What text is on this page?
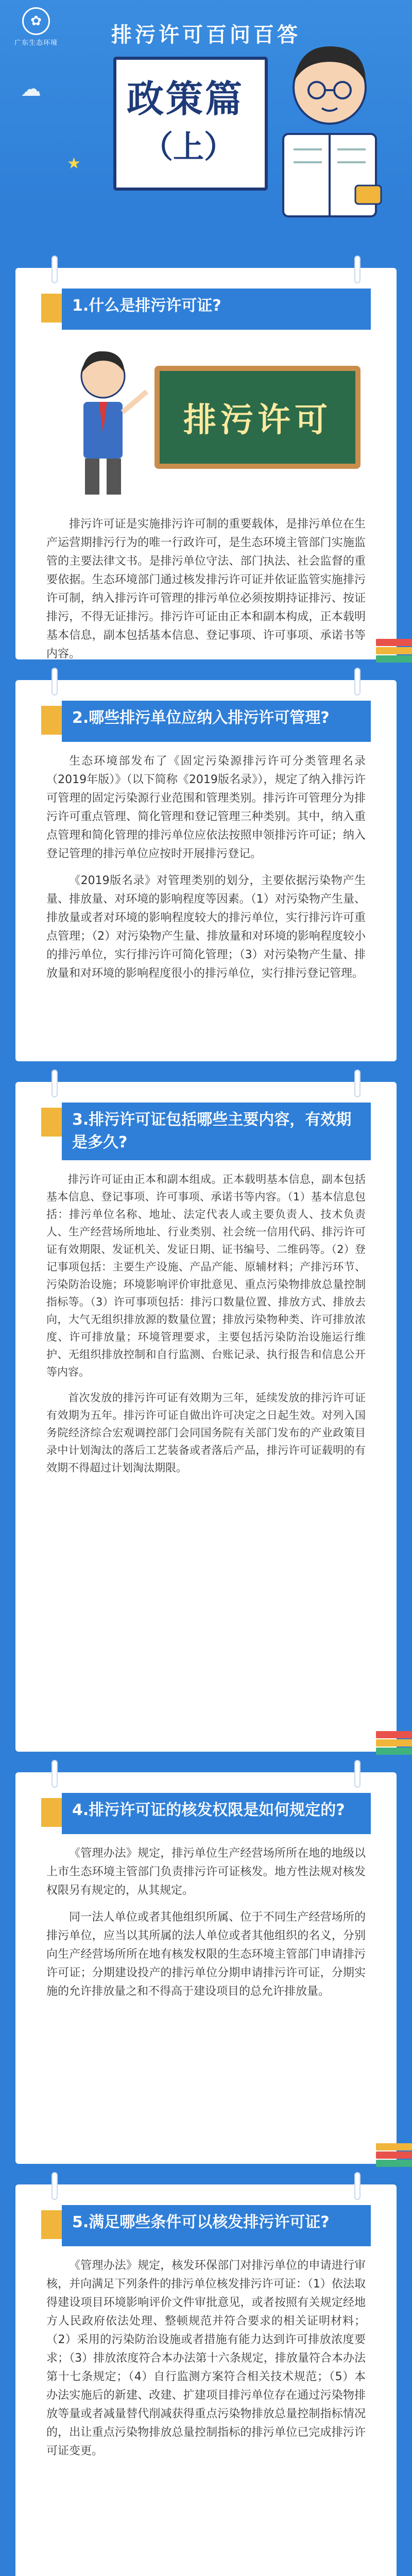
✿
广东生态环境	排污许可百问百答
☁
★
政策篇
（上）
1.什么是排污许可证?
排污许可

排污许可证是实施排污许可制的重要载体，是排污单位在生产运营期排污行为的唯一行政许可，是生态环境主管部门实施监管的主要法律文书。是排污单位守法、部门执法、社会监督的重要依据。生态环境部门通过核发排污许可证并依证监管实施排污许可制，纳入排污许可管理的排污单位必须按期持证排污、按证排污，不得无证排污。排污许可证由正本和副本构成，正本载明基本信息，副本包括基本信息、登记事项、许可事项、承诺书等内容。

2.哪些排污单位应纳入排污许可管理?

生态环境部发布了《固定污染源排污许可分类管理名录（2019年版）》（以下简称《2019版名录》），规定了纳入排污许可管理的固定污染源行业范围和管理类别。排污许可管理分为排污许可重点管理、简化管理和登记管理三种类别。其中，纳入重点管理和简化管理的排污单位应依法按照申领排污许可证；纳入登记管理的排污单位应按时开展排污登记。

《2019版名录》对管理类别的划分，主要依据污染物产生量、排放量、对环境的影响程度等因素。（1）对污染物产生量、排放量或者对环境的影响程度较大的排污单位，实行排污许可重点管理；（2）对污染物产生量、排放量和对环境的影响程度较小的排污单位，实行排污许可简化管理；（3）对污染物产生量、排放量和对环境的影响程度很小的排污单位，实行排污登记管理。

3.排污许可证包括哪些主要内容，有效期是多久?

排污许可证由正本和副本组成。正本载明基本信息，副本包括基本信息、登记事项、许可事项、承诺书等内容。（1）基本信息包括：排污单位名称、地址、法定代表人或主要负责人、技术负责人、生产经营场所地址、行业类别、社会统一信用代码、排污许可证有效期限、发证机关、发证日期、证书编号、二维码等。（2）登记事项包括：主要生产设施、产品产能、原辅材料；产排污环节、污染防治设施；环境影响评价审批意见、重点污染物排放总量控制指标等。（3）许可事项包括：排污口数量位置、排放方式、排放去向，大气无组织排放源的数量位置；排放污染物种类、许可排放浓度、许可排放量；环境管理要求，主要包括污染防治设施运行维护、无组织排放控制和自行监测、台账记录、执行报告和信息公开等内容。

首次发放的排污许可证有效期为三年，延续发放的排污许可证有效期为五年。排污许可证自做出许可决定之日起生效。对列入国务院经济综合宏观调控部门会同国务院有关部门发布的产业政策目录中计划淘汰的落后工艺装备或者落后产品，排污许可证载明的有效期不得超过计划淘汰期限。

4.排污许可证的核发权限是如何规定的?

《管理办法》规定，排污单位生产经营场所所在地的地级以上市生态环境主管部门负责排污许可证核发。地方性法规对核发权限另有规定的，从其规定。

同一法人单位或者其他组织所属、位于不同生产经营场所的排污单位，应当以其所属的法人单位或者其他组织的名义，分别向生产经营场所所在地有核发权限的生态环境主管部门申请排污许可证；分期建设投产的排污单位分期申请排污许可证，分期实施的允许排放量之和不得高于建设项目的总允许排放量。

5.满足哪些条件可以核发排污许可证?

《管理办法》规定，核发环保部门对排污单位的申请进行审核，并向满足下列条件的排污单位核发排污许可证：（1）依法取得建设项目环境影响评价文件审批意见，或者按照有关规定经地方人民政府依法处理、整顿规范并符合要求的相关证明材料；（2）采用的污染防治设施或者措施有能力达到许可排放浓度要求；（3）排放浓度符合本办法第十六条规定，排放量符合本办法第十七条规定；（4）自行监测方案符合相关技术规范；（5）本办法实施后的新建、改建、扩建项目排污单位存在通过污染物排放等量或者减量替代削减获得重点污染物排放总量控制指标情况的，出让重点污染物排放总量控制指标的排污单位已完成排污许可证变更。
